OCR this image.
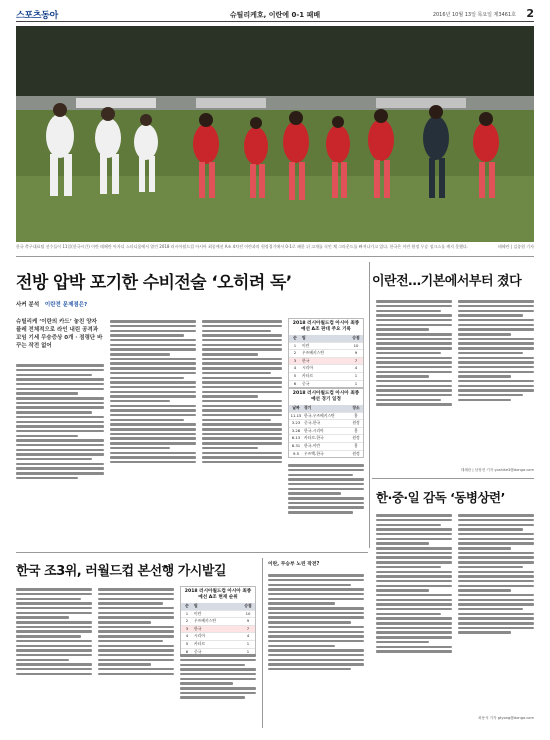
스포츠동아	슈틸리케호, 이란에 0-1 패배	2016년 10월 13일 목요일 제3461호 2
한국 축구대표팀 선수들이 11일(한국시간) 이란 테헤란 아자디 스타디움에서 열린 2018 러시아월드컵 아시아 최종예선 A조 4차전 이란과의 원정경기에서 0-1로 패한 뒤 고개를 숙인 채 그라운드를 빠져나가고 있다. 한국은 이란 원정 무승 징크스를 깨지 못했다.	테헤란 | 김종원 기자
전방 압박 포기한 수비전술 ‘오히려 독’
사커 분석 이란전 문제점은?
슈틸리케 ‘이란의 카드’ 놓친 양자 플레 전체적으로 라인 내린 공격과 꼬임 기세 무승증상 0개 · 점령단 바꾸는 작전 없어
2018 러시아월드컵 아시아 최종예선 A조 판대 주요 기록
순	팀	승점
1	이란	10
2	우즈베키스탄	9
3	한국	7
4	시리아	4
5	카타르	1
6	중국	1
2018 러시아월드컵 아시아 최종예선 경기 일정
날짜	경기	장소
11.15 한국-우즈베키스탄	홈
3.23 중국-한국	원정
3.28 한국-시리아	홈
6.13 카타르-한국	원정
8.31 한국-이란	홈
9.5	우즈벡-한국	원정
이란전…기본에서부터 졌다
테헤란 | 남장현 기자 yoshike3@donga.com
한·중·일 감독 ‘동병상련’
최용석 기자 gtyong@donga.com
한국 조3위, 러월드컵 본선행 가시밭길
2018 러시아월드컵 아시아 최종예선 A조 현재 순위
순	팀	승점
1	이란	10
2	우즈베키스탄	9
3	한국	7
4	시리아	4
5	카타르	1
6	중국	1
이란, 무승부 노린 작전?
